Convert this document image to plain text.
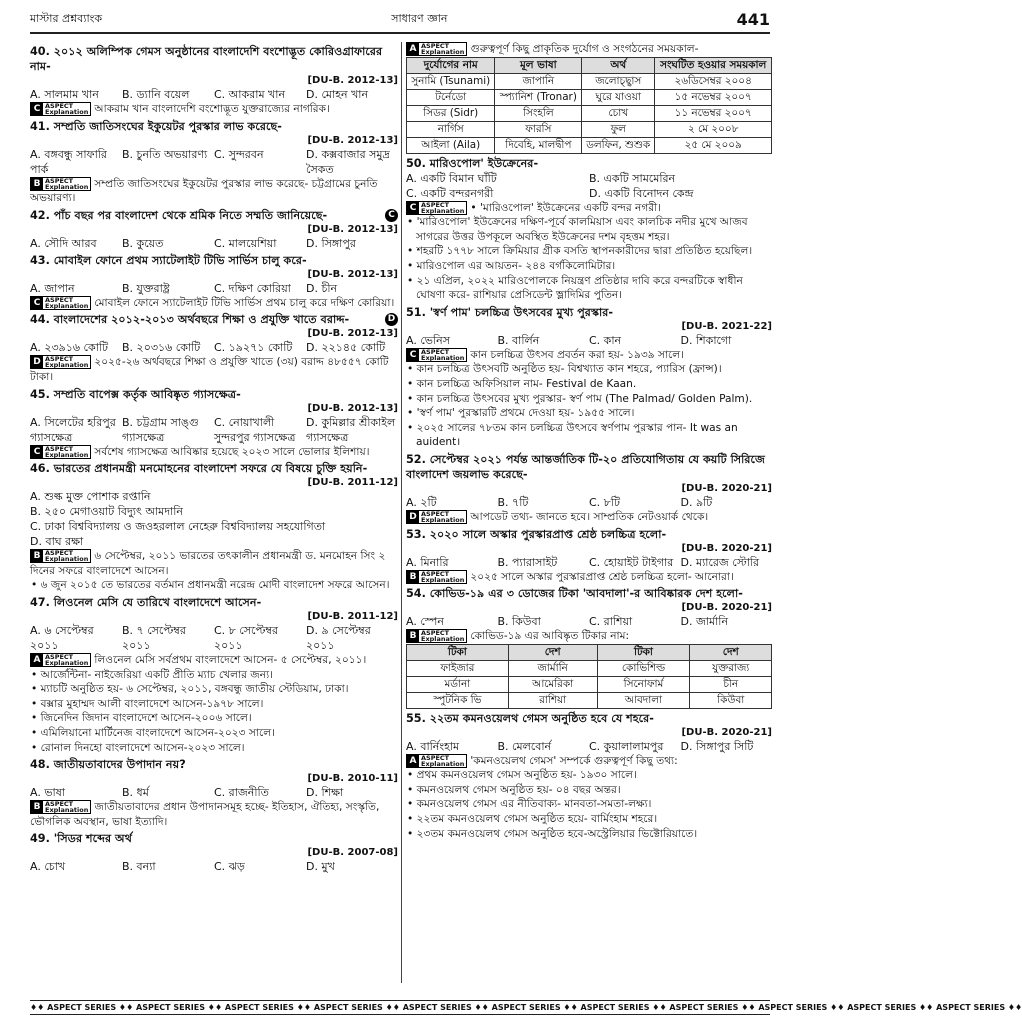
মাস্টার প্রশ্নব্যাংক	সাধারণ জ্ঞান	441
40. ২০১২ অলিম্পিক গেমস অনুষ্ঠানের বাংলাদেশি বংশোদ্ভূত কোরিওগ্রাফারের নাম-
[DU-B. 2012-13]
A. সালমাম খান	B. ড্যানি বয়েল	C. আকরাম খান	D. মোহন খান
C ASPECT
Explanation আকরাম খান বাংলাদেশি বংশোদ্ভূত যুক্তরাজ্যের নাগরিক।
41. সম্প্রতি জাতিসংঘের ইকুয়েটর পুরস্কার লাভ করেছে-
[DU-B. 2012-13]
A. বঙ্গবন্ধু সাফারি পার্ক
B. চুনতি অভয়ারণ্য C. সুন্দরবন	D. কক্সবাজার সমুদ্র সৈকত
B ASPECT
Explanation সম্প্রতি জাতিসংঘের ইকুয়েটর পুরস্কার লাভ করেছে- চট্টগ্রামের চুনতি অভয়ারণ্য।
C
42. পাঁচ বছর পর বাংলাদেশ থেকে শ্রমিক নিতে সম্মতি জানিয়েছে-
[DU-B. 2012-13]
A. সৌদি আরব	B. কুয়েত	C. মালয়েশিয়া	D. সিঙ্গাপুর
43. মোবাইল ফোনে প্রথম স্যাটেলাইট টিভি সার্ভিস চালু করে-
[DU-B. 2012-13]
A. জাপান	B. যুক্তরাষ্ট্র	C. দক্ষিণ কোরিয়া	D. চীন
C ASPECT
Explanation মোবাইল ফোনে স্যাটেলাইট টিভি সার্ভিস প্রথম চালু করে দক্ষিণ কোরিয়া।
D
44. বাংলাদেশের ২০১২-২০১৩ অর্থবছরে শিক্ষা ও প্রযুক্তি খাতে বরাদ্দ-
[DU-B. 2012-13]
A. ২৩৯১৬ কোটি	B. ২০৩১৬ কোটি	C. ১৯২৭১ কোটি	D. ২২১৪৫ কোটি
D ASPECT
Explanation ২০২৫-২৬ অর্থবছরে শিক্ষা ও প্রযুক্তি খাতে (৩য়) বরাদ্দ ৪৮৫৫৭ কোটি টাকা।
45. সম্প্রতি বাপেক্স কর্তৃক আবিষ্কৃত গ্যাসক্ষেত্র-
[DU-B. 2012-13]
A. সিলেটের হরিপুর গ্যাসক্ষেত্র
B. চট্টগ্রাম সাঙ্গু গ্যাসক্ষেত্র
C. নোয়াখালী সুন্দরপুর গ্যাসক্ষেত্র
D. কুমিল্লার শ্রীকাইল গ্যাসক্ষেত্র
C ASPECT
Explanation সর্বশেষ গ্যাসক্ষেত্র আবিষ্কার হয়েছে ২০২৩ সালে ভোলার ইলিশায়।
46. ভারতের প্রধানমন্ত্রী মনমোহনের বাংলাদেশ সফরে যে বিষয়ে চুক্তি হয়নি-
[DU-B. 2011-12]
A. শুল্ক মুক্ত পোশাক রপ্তানি
B. ২৫০ মেগাওয়াট বিদ্যুৎ আমদানি
C. ঢাকা বিশ্ববিদ্যালয় ও জওহরলাল নেহেরু বিশ্ববিদ্যালয় সহযোগিতা
D. বাঘ রক্ষা
B ASPECT
Explanation ৬ সেপ্টেম্বর, ২০১১ ভারতের তৎকালীন প্রধানমন্ত্রী ড. মনমোহন সিং ২ দিনের সফরে বাংলাদেশে আসেন।
• ৬ জুন ২০১৫ তে ভারতের বর্তমান প্রধানমন্ত্রী নরেন্দ্র মোদী বাংলাদেশ সফরে আসেন।
47. লিওনেল মেসি যে তারিখে বাংলাদেশে আসেন-
[DU-B. 2011-12]
A. ৬ সেপ্টেম্বর ২০১১
B. ৭ সেপ্টেম্বর ২০১১
C. ৮ সেপ্টেম্বর ২০১১
D. ৯ সেপ্টেম্বর ২০১১
A ASPECT
Explanation লিওনেল মেসি সর্বপ্রথম বাংলাদেশে আসেন- ৫ সেপ্টেম্বর, ২০১১।
• আর্জেন্টিনা- নাইজেরিয়া একটি প্রীতি ম্যাচ খেলার জন্য।
• ম্যাচটি অনুষ্ঠিত হয়- ৬ সেপ্টেম্বর, ২০১১, বঙ্গবন্ধু জাতীয় স্টেডিয়াম, ঢাকা।
• বক্সার মুহাম্মদ আলী বাংলাদেশে আসেন-১৯৭৮ সালে।
• জিনেদিন জিদান বাংলাদেশে আসেন-২০০৬ সালে।
• এমিলিয়ানো মার্টিনেজ বাংলাদেশে আসেন-২০২৩ সালে।
• রোনাল দিনহো বাংলাদেশে আসেন-২০২৩ সালে।
48. জাতীয়তাবাদের উপাদান নয়?
[DU-B. 2010-11]
A. ভাষা	B. ধর্ম	C. রাজনীতি	D. শিক্ষা
B ASPECT
Explanation জাতীয়তাবাদের প্রধান উপাদানসমূহ হচ্ছে- ইতিহাস, ঐতিহ্য, সংস্কৃতি, ভৌগলিক অবস্থান, ভাষা ইত্যাদি।
49. 'সিডর শব্দের অর্থ
[DU-B. 2007-08]
A. চোখ	B. বন্যা	C. ঝড়	D. মুখ
A ASPECT
Explanation গুরুত্বপূর্ণ কিছু প্রাকৃতিক দুর্যোগ ও সংগঠনের সময়কাল-
দুর্যোগের নাম	মূল ভাষা	অর্থ	সংঘটিত হওয়ার সময়কাল
সুনামি (Tsunami)	জাপানি	জলোচ্ছ্বাস	২৬ডিসেম্বর ২০০৪
টর্নেডো	স্প্যানিশ (Tronar)	ঘুরে যাওয়া	১৫ নভেম্বর ২০০৭
সিডর (Sidr)	সিংহলি	চোখ	১১ নভেম্বর ২০০৭
নার্গিস	ফারসি	ফুল	২ মে ২০০৮
আইলা (Aila)	দিবেহি, মালদ্বীপ	ডলফিন, শুশুক	২৫ মে ২০০৯
50. মারিওপোল' ইউক্রেনের-
A. একটি বিমান ঘাঁটি	B. একটি সামমেরিন
C. একটি বন্দরনগরী	D. একটি বিনোদন কেন্দ্র
C ASPECT
Explanation • 'মারিওপোল' ইউক্রেনের একটি বন্দর নগরী।
• 'মারিওপোল' ইউক্রেনের দক্ষিণ-পূর্বে কালমিয়াস এবং কালচিক নদীর মুখে আজব সাগরের উত্তর উপকূলে অবস্থিত ইউক্রেনের দশম বৃহত্তম শহর।
• শহরটি ১৭৭৮ সালে ক্রিমিয়ার গ্রীক বসতি স্থাপনকারীদের দ্বারা প্রতিষ্ঠিত হয়েছিল।
• মারিওপোল এর আয়তন- ২৪৪ বর্গকিলোমিটার।
• ২১ এপ্রিল, ২০২২ মারিওপোলকে নিয়ন্ত্রণ প্রতিষ্ঠার দাবি করে বন্দরটিকে স্বাধীন ঘোষণা করে- রাশিয়ার প্রেসিডেন্ট ভ্লাদিমির পুতিন।
51. 'স্বর্ণ পাম' চলচ্চিত্র উৎসবের মুখ্য পুরস্কার-
[DU-B. 2021-22]
A. ভেনিস	B. বার্লিন	C. কান	D. শিকাগো
C ASPECT
Explanation কান চলচ্চিত্র উৎসব প্রবর্তন করা হয়- ১৯৩৯ সালে।
• কান চলচ্চিত্র উৎসবটি অনুষ্ঠিত হয়- বিশ্বখ্যাত কান শহরে, প্যারিস (ফ্রান্স)।
• কান চলচ্চিত্র অফিসিয়াল নাম- Festival de Kaan.
• কান চলচ্চিত্র উৎসবের মুখ্য পুরস্কার- স্বর্ণ পাম (The Palmad/ Golden Palm).
• 'স্বর্ণ পাম' পুরস্কারটি প্রথমে দেওয়া হয়- ১৯৫৫ সালে।
• ২০২৫ সালের ৭৮তম কান চলচ্চিত্র উৎসবে স্বর্ণপাম পুরস্কার পান- It was an auident।
52. সেপ্টেম্বর ২০২১ পর্যন্ত আন্তর্জাতিক টি-২০ প্রতিযোগিতায় যে কয়টি সিরিজে বাংলাদেশ জয়লাভ করেছে-
[DU-B. 2020-21]
A. ২টি	B. ৭টি	C. ৮টি	D. ৯টি
D ASPECT
Explanation আপডেট তথ্য- জানতে হবে। সাম্প্রতিক নেটওয়ার্ক থেকে।
53. ২০২০ সালে অস্কার পুরস্কারপ্রাপ্ত শ্রেষ্ঠ চলচ্চিত্র হলো-
[DU-B. 2020-21]
A. মিনারি	B. প্যারাসাইট	C. হোয়াইট টাইগার D. ম্যারেজ স্টোরি
B ASPECT
Explanation ২০২৫ সালে অস্কার পুরস্কারপ্রাপ্ত শ্রেষ্ঠ চলচ্চিত্র হলো- আনোরা।
54. কোভিড-১৯ এর ৩ ডোজের টিকা 'আবদালা'-র আবিষ্কারক দেশ হলো-
[DU-B. 2020-21]
A. স্পেন	B. কিউবা	C. রাশিয়া	D. জার্মানি
B ASPECT
Explanation কোভিড-১৯ এর আবিষ্কৃত টিকার নাম:
টিকা	দেশ	টিকা	দেশ
ফাইজার	জার্মানি	কোভিশিল্ড	যুক্তরাজ্য
মর্ডানা	আমেরিকা	সিনোফার্ম	চীন
স্পুটনিক ভি	রাশিয়া	আবদালা	কিউবা
55. ২২তম কমনওয়েলথ গেমস অনুষ্ঠিত হবে যে শহরে-
[DU-B. 2020-21]
A. বার্নিংহাম	B. মেলবোর্ন	C. কুয়ালালামপুর	D. সিঙ্গাপুর সিটি
A ASPECT
Explanation 'কমনওয়েলথ গেমস' সম্পর্কে গুরুত্বপূর্ণ কিছু তথ্য:
• প্রথম কমনওয়েলথ গেমস অনুষ্ঠিত হয়- ১৯৩০ সালে।
• কমনওয়েলথ গেমস অনুষ্ঠিত হয়- ০৪ বছর অন্তর।
• কমনওয়েলথ গেমস এর নীতিবাক্য- মানবতা-সমতা-লক্ষ্য।
• ২২তম কমনওয়েলথ গেমস অনুষ্ঠিত হয়ে- বার্মিংহাম শহরে।
• ২৩তম কমনওয়েলথ গেমস অনুষ্ঠিত হবে-অস্ট্রেলিয়ার ভিক্টোরিয়াতে।
♦♦ ASPECT SERIES ♦♦ ASPECT SERIES ♦♦ ASPECT SERIES ♦♦ ASPECT SERIES ♦♦ ASPECT SERIES ♦♦ ASPECT SERIES ♦♦ ASPECT SERIES ♦♦ ASPECT SERIES ♦♦ ASPECT SERIES ♦♦ ASPECT SERIES ♦♦ ASPECT SERIES ♦♦
